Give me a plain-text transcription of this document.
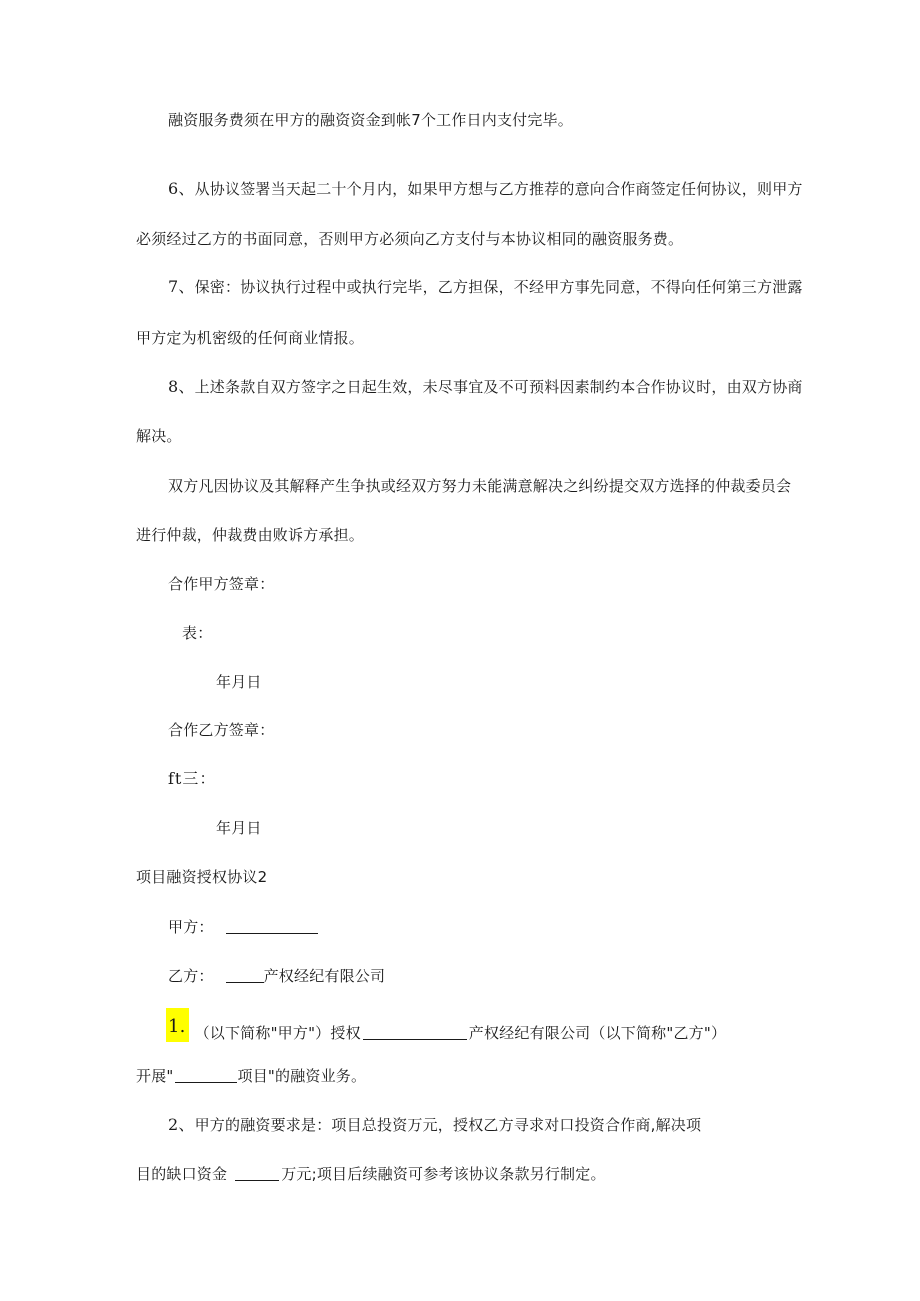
融资服务费须在甲方的融资资金到帐7个工作日内支付完毕。
6、从协议签署当天起二十个月内，如果甲方想与乙方推荐的意向合作商签定任何协议，则甲方
必须经过乙方的书面同意，否则甲方必须向乙方支付与本协议相同的融资服务费。
7、保密：协议执行过程中或执行完毕，乙方担保，不经甲方事先同意，不得向任何第三方泄露
甲方定为机密级的任何商业情报。
8、上述条款自双方签字之日起生效，未尽事宜及不可预料因素制约本合作协议时，由双方协商
解决。
双方凡因协议及其解释产生争执或经双方努力未能满意解决之纠纷提交双方选择的仲裁委员会
进行仲裁，仲裁费由败诉方承担。
合作甲方签章：
表：
年月日
合作乙方签章：
ft三：
年月日
项目融资授权协议2
甲方：
乙方：	产权经纪有限公司
1. （以下简称"甲方"）授权	产权经纪有限公司（以下简称"乙方"）
开展"	项目"的融资业务。
2、甲方的融资要求是：项目总投资万元，授权乙方寻求对口投资合作商,解决项
目的缺口资金	万元;项目后续融资可参考该协议条款另行制定。
